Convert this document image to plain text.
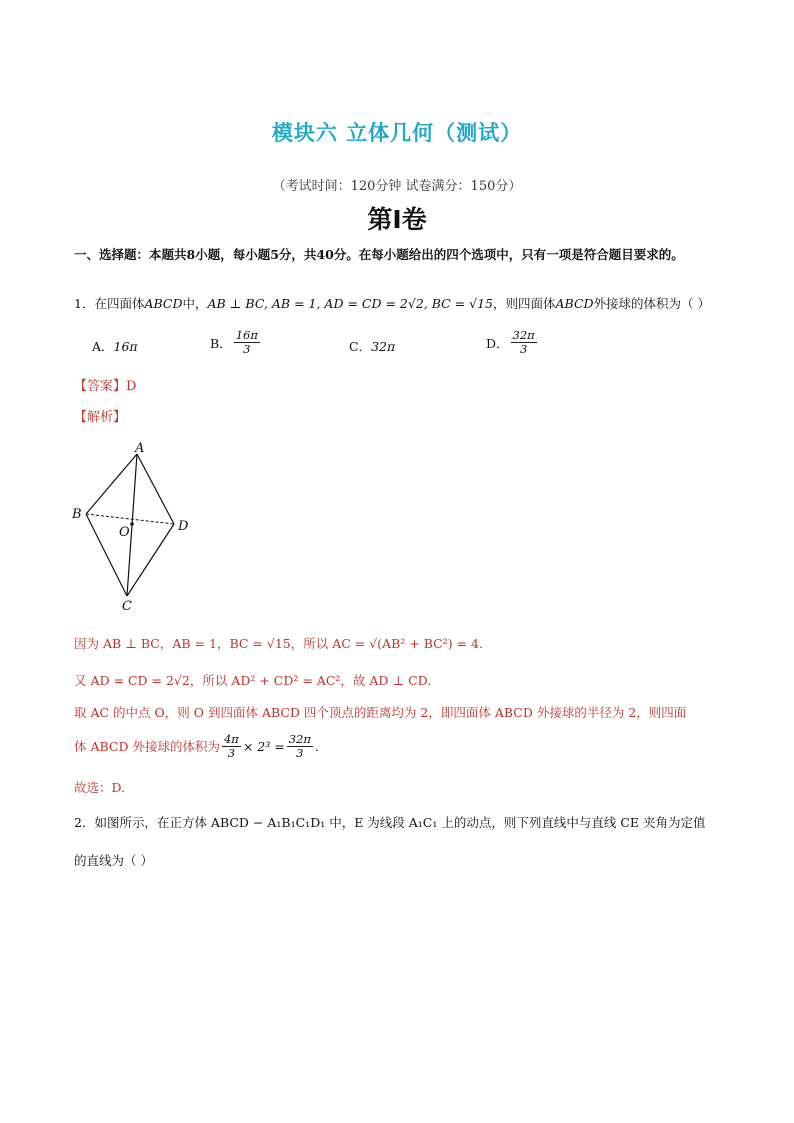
模块六 立体几何（测试）
（考试时间：120分钟 试卷满分：150分）
第I卷
一、选择题：本题共8小题，每小题5分，共40分。在每小题给出的四个选项中，只有一项是符合题目要求的。
1．在四面体ABCD中，AB ⊥ BC, AB = 1, AD = CD = 2√2, BC = √15，则四面体ABCD外接球的体积为（ ）
A． 16π	B． $\frac{16\pi}{3}$	C． 32π	D． $\frac{32\pi}{3}$
【答案】D
【解析】
A
B
D
C
O
因为 AB ⊥ BC，AB = 1，BC = √15，所以 AC = √(AB² + BC²) = 4.
又 AD = CD = 2√2，所以 AD² + CD² = AC²，故 AD ⊥ CD.
取 AC 的中点 O，则 O 到四面体 ABCD 四个顶点的距离均为 2，即四面体 ABCD 外接球的半径为 2，则四面
体 ABCD 外接球的体积为 $\frac{4\pi}{3} \times 2^3 = \frac{32\pi}{3}$ .
故选：D.
2．如图所示，在正方体 ABCD − A₁B₁C₁D₁ 中，E 为线段 A₁C₁ 上的动点，则下列直线中与直线 CE 夹角为定值
的直线为（ ）
